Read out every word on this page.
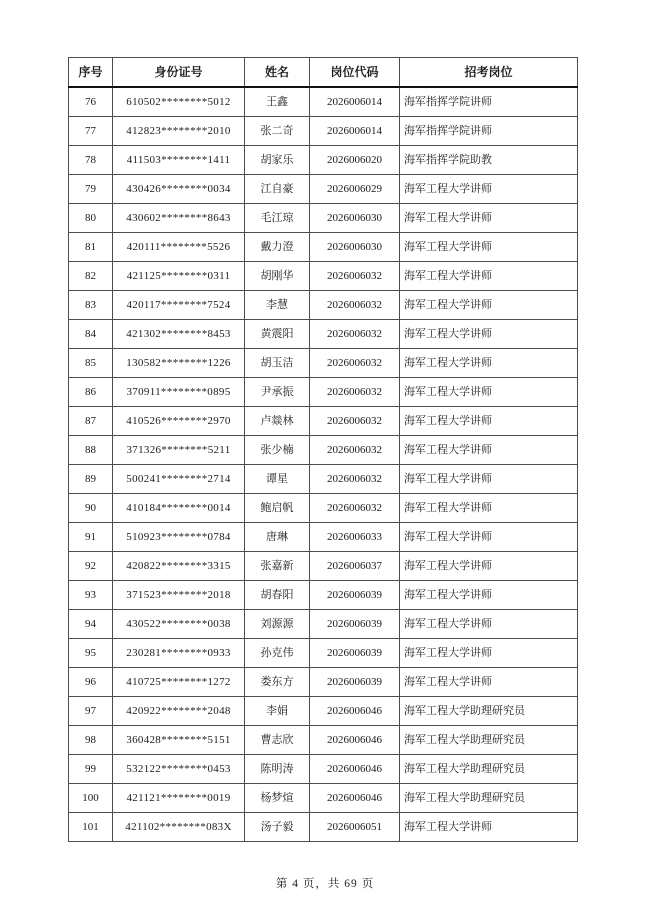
序号	身份证号	姓名	岗位代码	招考岗位
76	610502********5012	王鑫	2026006014	海军指挥学院讲师
77	412823********2010	张二奇	2026006014	海军指挥学院讲师
78	411503********1411	胡家乐	2026006020	海军指挥学院助教
79	430426********0034	江自豪	2026006029	海军工程大学讲师
80	430602********8643	毛江琼	2026006030	海军工程大学讲师
81	420111********5526	戴力澄	2026006030	海军工程大学讲师
82	421125********0311	胡刚华	2026006032	海军工程大学讲师
83	420117********7524	李慧	2026006032	海军工程大学讲师
84	421302********8453	黄震阳	2026006032	海军工程大学讲师
85	130582********1226	胡玉洁	2026006032	海军工程大学讲师
86	370911********0895	尹承振	2026006032	海军工程大学讲师
87	410526********2970	卢燚林	2026006032	海军工程大学讲师
88	371326********5211	张少楠	2026006032	海军工程大学讲师
89	500241********2714	谭星	2026006032	海军工程大学讲师
90	410184********0014	鲍启帆	2026006032	海军工程大学讲师
91	510923********0784	唐琳	2026006033	海军工程大学讲师
92	420822********3315	张嘉新	2026006037	海军工程大学讲师
93	371523********2018	胡春阳	2026006039	海军工程大学讲师
94	430522********0038	刘源源	2026006039	海军工程大学讲师
95	230281********0933	孙克伟	2026006039	海军工程大学讲师
96	410725********1272	娄东方	2026006039	海军工程大学讲师
97	420922********2048	李娟	2026006046	海军工程大学助理研究员
98	360428********5151	曹志欣	2026006046	海军工程大学助理研究员
99	532122********0453	陈明涛	2026006046	海军工程大学助理研究员
100	421121********0019	杨梦煊	2026006046	海军工程大学助理研究员
101	421102********083X	汤子毅	2026006051	海军工程大学讲师
第 4 页，共 69 页
